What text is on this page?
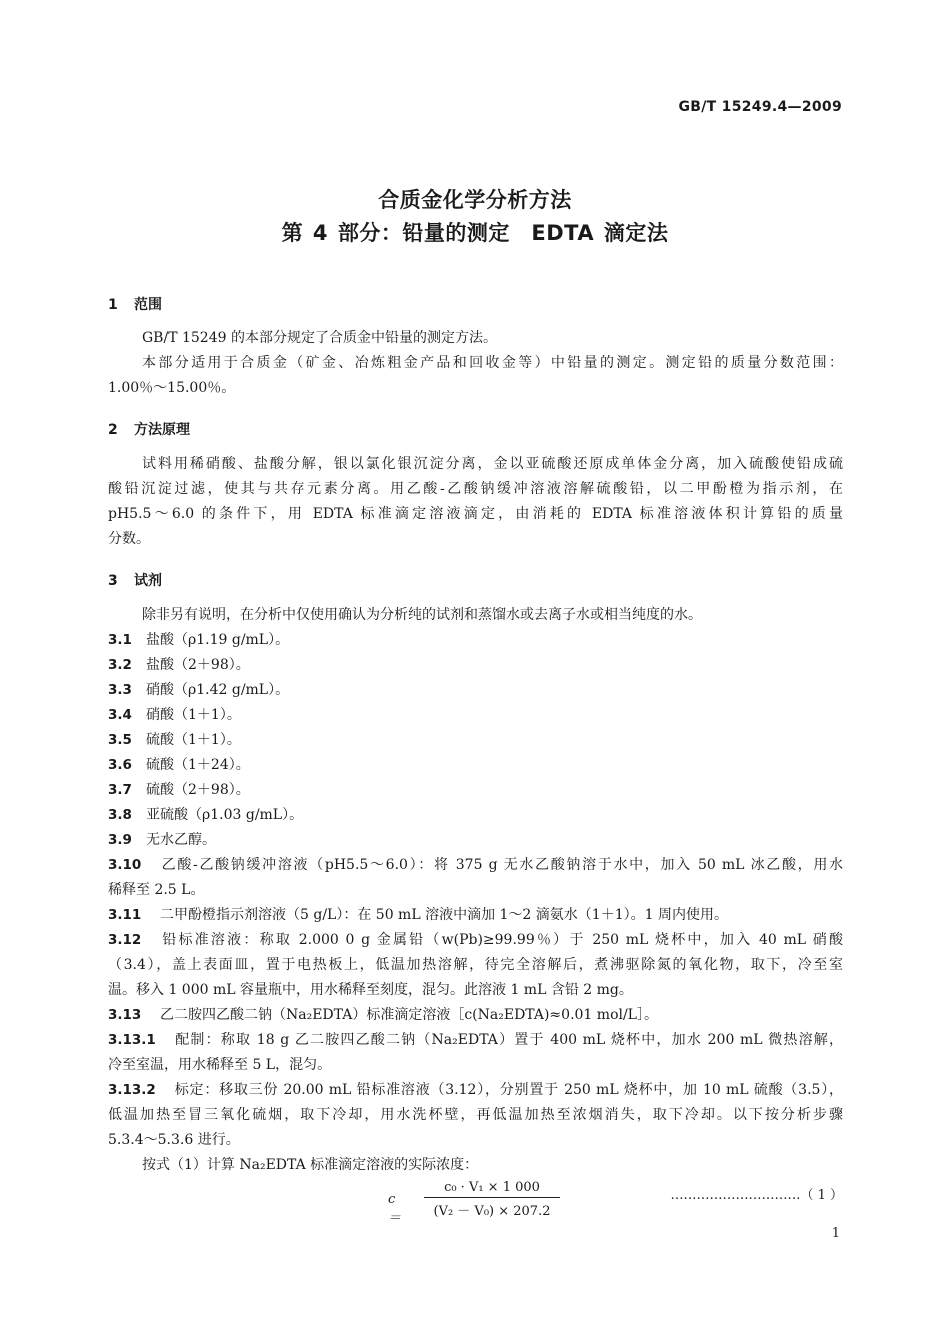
GB/T 15249.4—2009
合质金化学分析方法
第 4 部分：铅量的测定　EDTA 滴定法
1 范围
GB/T 15249 的本部分规定了合质金中铅量的测定方法。
本部分适用于合质金（矿金、冶炼粗金产品和回收金等）中铅量的测定。测定铅的质量分数范围：
1.00％～15.00％。
2 方法原理
试料用稀硝酸、盐酸分解，银以氯化银沉淀分离，金以亚硫酸还原成单体金分离，加入硫酸使铅成硫
酸铅沉淀过滤，使其与共存元素分离。用乙酸-乙酸钠缓冲溶液溶解硫酸铅，以二甲酚橙为指示剂，在
pH5.5～6.0 的条件下，用 EDTA 标准滴定溶液滴定，由消耗的 EDTA 标准溶液体积计算铅的质量
分数。
3 试剂
除非另有说明，在分析中仅使用确认为分析纯的试剂和蒸馏水或去离子水或相当纯度的水。
3.1 盐酸（ρ1.19 g/mL）。
3.2 盐酸（2＋98）。
3.3 硝酸（ρ1.42 g/mL）。
3.4 硝酸（1＋1）。
3.5 硫酸（1＋1）。
3.6 硫酸（1＋24）。
3.7 硫酸（2＋98）。
3.8 亚硫酸（ρ1.03 g/mL）。
3.9 无水乙醇。
3.10 乙酸-乙酸钠缓冲溶液（pH5.5～6.0）：将 375 g 无水乙酸钠溶于水中，加入 50 mL 冰乙酸，用水
稀释至 2.5 L。
3.11 二甲酚橙指示剂溶液（5 g/L）：在 50 mL 溶液中滴加 1～2 滴氨水（1＋1）。1 周内使用。
3.12 铅标准溶液：称取 2.000 0 g 金属铅（w(Pb)≥99.99％）于 250 mL 烧杯中，加入 40 mL 硝酸
（3.4），盖上表面皿，置于电热板上，低温加热溶解，待完全溶解后，煮沸驱除氮的氧化物，取下，冷至室
温。移入 1 000 mL 容量瓶中，用水稀释至刻度，混匀。此溶液 1 mL 含铅 2 mg。
3.13 乙二胺四乙酸二钠（Na₂EDTA）标准滴定溶液［c(Na₂EDTA)≈0.01 mol/L］。
3.13.1 配制：称取 18 g 乙二胺四乙酸二钠（Na₂EDTA）置于 400 mL 烧杯中，加水 200 mL 微热溶解，
冷至室温，用水稀释至 5 L，混匀。
3.13.2 标定：移取三份 20.00 mL 铅标准溶液（3.12），分别置于 250 mL 烧杯中，加 10 mL 硫酸（3.5），
低温加热至冒三氧化硫烟，取下冷却，用水洗杯壁，再低温加热至浓烟消失，取下冷却。以下按分析步骤
5.3.4～5.3.6 进行。
按式（1）计算 Na₂EDTA 标准滴定溶液的实际浓度：
c ＝
c₀ · V₁ × 1 000
(V₂ － V₀) × 207.2
…………………………（ 1 ）
1
